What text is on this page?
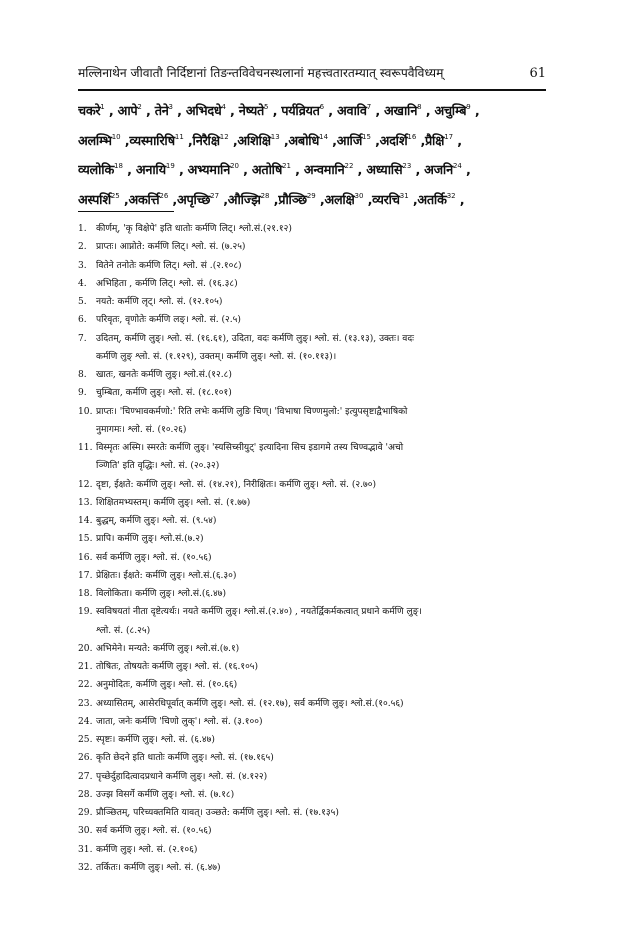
मल्लिनाथेन जीवातौ निर्दिष्टानां तिङन्तविवेचनस्थलानां महत्त्वतारतम्यात् स्वरूपवैविध्यम्	61
चकरे$^1$ , आपे$^2$ , तेने$^3$ , अभिदधे$^4$ , नेष्यते$^5$ , पर्यव्रियत$^6$ , अवावि$^7$ , अखानि$^8$ , अचुम्बि$^9$ ,
अलम्भि$^{10}$ ,व्यस्मारिषि$^{11}$ ,निरैक्षि$^{12}$ ,अशिक्षि$^{13}$ ,अबोधि$^{14}$ ,आर्जि$^{15}$ ,अदर्शि$^{16}$ ,प्रैक्षि$^{17}$ ,
व्यलोकि$^{18}$ , अनायि$^{19}$ , अभ्यमानि$^{20}$ , अतोषि$^{21}$ , अन्वमानि$^{22}$ , अध्यासि$^{23}$ , अजनि$^{24}$ ,
अस्पर्शि$^{25}$ ,अकर्त्ति$^{26}$ ,अपृच्छि$^{27}$ ,औज्झि$^{28}$ ,प्रौञ्छि$^{29}$ ,अलक्षि$^{30}$ ,व्यरचि$^{31}$ ,अतर्कि$^{32}$ ,
1.	कीर्णम्, 'कृ विक्षेपे' इति धातोः कर्मणि लिट्। श्लो.सं.(२१.१२)
2.	प्राप्तः। आप्नोते: कर्मणि लिट्। श्लो. सं. (७.२५)
3.	वितेने तनोतेः कर्मणि लिट्। श्लो. सं .(२.१०८)
4.	अभिहिता , कर्मणि लिट्। श्लो. सं. (१६.३८)
5.	नयते: कर्मणि लृट्। श्लो. सं. (१२.१०५)
6.	परिवृतः, वृणोतेः कर्मणि लङ्। श्लो. सं. (२.५)
7.	उदितम्, कर्मणि लुङ्। श्लो. सं. (१६.६१), उदिता, वदः कर्मणि लुङ्। श्लो. सं. (१३.१३), उक्तः। वदः
कर्मणि लुङ् श्लो. सं. (१.१२९), उक्तम्। कर्मणि लुङ्। श्लो. सं. (१०.११३)।
8.	खातः, खनतेः कर्मणि लुङ्। श्लो.सं.(१२.८)
9.	चुम्बिता, कर्मणि लुङ्। श्लो. सं. (१८.१०१)
10. प्राप्तः। 'चिण्भावकर्मणो:' रिति लभेः कर्मणि लुङि चिण्। 'विभाषा चिण्णमुलो:' इत्युपसृष्टाद्वैभाषिको
नुमागमः। श्लो. सं. (१०.२६)
11. विस्मृतः अस्मि। स्मरतेः कर्मणि लुङ्। 'स्यसिच्सीयुट्' इत्यादिना सिच इडागमे तस्य चिण्वद्भावे 'अचो
ञ्णिति' इति वृद्धिः। श्लो. सं. (२०.३२)
12. दृष्टा, ईक्षते: कर्मणि लुङ्। श्लो. सं. (१४.२१), निरीक्षितः। कर्मणि लुङ्। श्लो. सं. (२.७०)
13. शिक्षितमभ्यस्तम्। कर्मणि लुङ्। श्लो. सं. (१.७७)
14. बुद्धम्, कर्मणि लुङ्। श्लो. सं. (९.५४)
15. प्रापि। कर्मणि लुङ्। श्लो.सं.(७.२)
16. सर्व कर्मणि लुङ्। श्लो. सं. (१०.५६)
17. प्रेक्षितः। ईक्षते: कर्मणि लुङ्। श्लो.सं.(६.३०)
18. विलोकिता। कर्मणि लुङ्। श्लो.सं.(६.४७)
19. स्वविषयतां नीता दृष्टेत्यर्थः। नयते कर्मणि लुङ्। श्लो.सं.(२.४०) , नयतेर्द्विकर्मकत्वात् प्रधाने कर्मणि लुङ्।
श्लो. सं. (८.२५)
20. अभिमेने। मन्यते: कर्मणि लुङ्। श्लो.सं.(७.१)
21. तोषितः, तोषयतेः कर्मणि लुङ्। श्लो. सं. (१६.१०५)
22. अनुमोदितः, कर्मणि लुङ्। श्लो. सं. (१०.६६)
23. अध्यासितम्, आसेरधिपूर्वात् कर्मणि लुङ्। श्लो. सं. (१२.१७), सर्व कर्मणि लुङ्। श्लो.सं.(१०.५६)
24. जाता, जनेः कर्मणि 'चिणो लुक्'। श्लो. सं. (३.१००)
25. स्पृष्टः। कर्मणि लुङ्। श्लो. सं. (६.४७)
26. कृति छेदने इति धातोः कर्मणि लुङ्। श्लो. सं. (१७.१६५)
27. पृच्छेर्दुहादित्वादप्रधाने कर्मणि लुङ्। श्लो. सं. (४.१२२)
28. उज्झ विसर्गे कर्मणि लुङ्। श्लो. सं. (७.१८)
29. प्रौञ्छितम्, परिच्यक्तमिति यावत्। उञ्छते: कर्मणि लुङ्। श्लो. सं. (१७.१३५)
30. सर्व कर्मणि लुङ्। श्लो. सं. (१०.५६)
31. कर्मणि लुङ्। श्लो. सं. (२.१०६)
32. तर्कितः। कर्मणि लुङ्। श्लो. सं. (६.४७)
